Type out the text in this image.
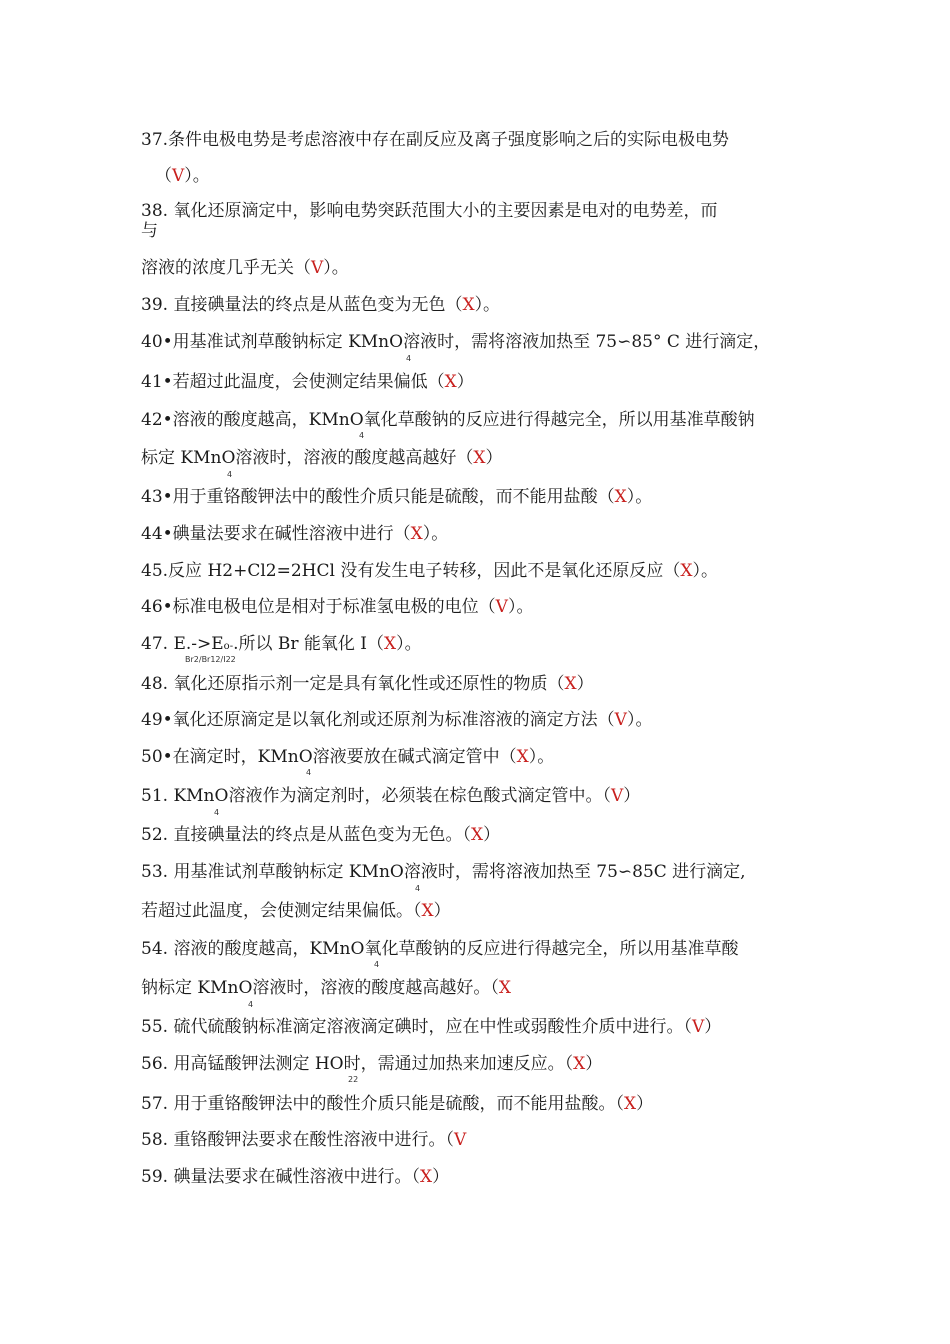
37.条件电极电势是考虑溶液中存在副反应及离子强度影响之后的实际电极电势
（V）。
38. 氧化还原滴定中，影响电势突跃范围大小的主要因素是电对的电势差，而
与
溶液的浓度几乎无关（V）。
39. 直接碘量法的终点是从蓝色变为无色（X）。
40•用基准试剂草酸钠标定 KMnO溶液时，需将溶液加热至 75∽85° C 进行滴定，
4
41•若超过此温度，会使测定结果偏低（X）
42•溶液的酸度越高，KMnO氧化草酸钠的反应进行得越完全，所以用基准草酸钠
4
标定 KMnO溶液时，溶液的酸度越高越好（X）
4
43•用于重铬酸钾法中的酸性介质只能是硫酸，而不能用盐酸（X）。
44•碘量法要求在碱性溶液中进行（X）。
45.反应 H2+Cl2=2HCl 没有发生电子转移，因此不是氧化还原反应（X）。
46•标准电极电位是相对于标准氢电极的电位（V）。
47. E.->Eo-.所以 Br 能氧化 I（X）。
Br2/Br12/I22
48. 氧化还原指示剂一定是具有氧化性或还原性的物质（X）
49•氧化还原滴定是以氧化剂或还原剂为标准溶液的滴定方法（V）。
50•在滴定时，KMnO溶液要放在碱式滴定管中（X）。
4
51. KMnO溶液作为滴定剂时，必须装在棕色酸式滴定管中。（V）
4
52. 直接碘量法的终点是从蓝色变为无色。（X）
53. 用基准试剂草酸钠标定 KMnO溶液时，需将溶液加热至 75∽85C 进行滴定,
4
若超过此温度，会使测定结果偏低。（X）
54. 溶液的酸度越高，KMnO氧化草酸钠的反应进行得越完全，所以用基准草酸
4
钠标定 KMnO溶液时，溶液的酸度越高越好。（X
4
55. 硫代硫酸钠标准滴定溶液滴定碘时，应在中性或弱酸性介质中进行。（V）
56. 用高锰酸钾法测定 HO时，需通过加热来加速反应。（X）
22
57. 用于重铬酸钾法中的酸性介质只能是硫酸，而不能用盐酸。（X）
58. 重铬酸钾法要求在酸性溶液中进行。（V
59. 碘量法要求在碱性溶液中进行。（X）
